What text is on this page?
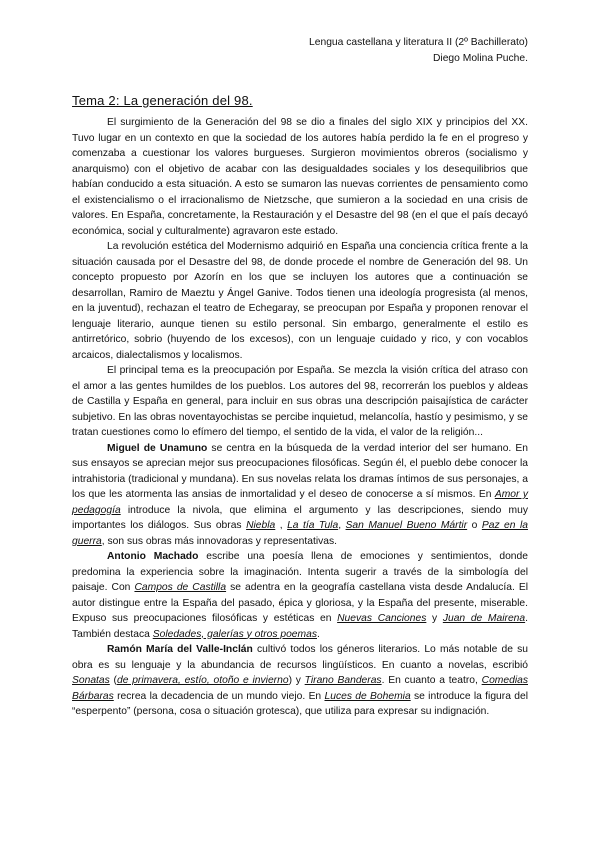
Lengua castellana y literatura II (2º Bachillerato)
Diego Molina Puche.
Tema 2: La generación del 98.

El surgimiento de la Generación del 98 se dio a finales del siglo XIX y principios del XX. Tuvo lugar en un contexto en que la sociedad de los autores había perdido la fe en el progreso y comenzaba a cuestionar los valores burgueses. Surgieron movimientos obreros (socialismo y anarquismo) con el objetivo de acabar con las desigualdades sociales y los desequilibrios que habían conducido a esta situación. A esto se sumaron las nuevas corrientes de pensamiento como el existencialismo o el irracionalismo de Nietzsche, que sumieron a la sociedad en una crisis de valores. En España, concretamente, la Restauración y el Desastre del 98 (en el que el país decayó económica, social y culturalmente) agravaron este estado.

La revolución estética del Modernismo adquirió en España una conciencia crítica frente a la situación causada por el Desastre del 98, de donde procede el nombre de Generación del 98. Un concepto propuesto por Azorín en los que se incluyen los autores que a continuación se desarrollan, Ramiro de Maeztu y Ángel Ganive. Todos tienen una ideología progresista (al menos, en la juventud), rechazan el teatro de Echegaray, se preocupan por España y proponen renovar el lenguaje literario, aunque tienen su estilo personal. Sin embargo, generalmente el estilo es antirretórico, sobrio (huyendo de los excesos), con un lenguaje cuidado y rico, y con vocablos arcaicos, dialectalismos y localismos.

El principal tema es la preocupación por España. Se mezcla la visión crítica del atraso con el amor a las gentes humildes de los pueblos. Los autores del 98, recorrerán los pueblos y aldeas de Castilla y España en general, para incluir en sus obras una descripción paisajística de carácter subjetivo. En las obras noventayochistas se percibe inquietud, melancolía, hastío y pesimismo, y se tratan cuestiones como lo efímero del tiempo, el sentido de la vida, el valor de la religión...

Miguel de Unamuno se centra en la búsqueda de la verdad interior del ser humano. En sus ensayos se aprecian mejor sus preocupaciones filosóficas. Según él, el pueblo debe conocer la intrahistoria (tradicional y mundana). En sus novelas relata los dramas íntimos de sus personajes, a los que les atormenta las ansias de inmortalidad y el deseo de conocerse a sí mismos. En Amor y pedagogía introduce la nivola, que elimina el argumento y las descripciones, siendo muy importantes los diálogos. Sus obras Niebla , La tía Tula, San Manuel Bueno Mártir o Paz en la guerra, son sus obras más innovadoras y representativas.

Antonio Machado escribe una poesía llena de emociones y sentimientos, donde predomina la experiencia sobre la imaginación. Intenta sugerir a través de la simbología del paisaje. Con Campos de Castilla se adentra en la geografía castellana vista desde Andalucía. El autor distingue entre la España del pasado, épica y gloriosa, y la España del presente, miserable. Expuso sus preocupaciones filosóficas y estéticas en Nuevas Canciones y Juan de Mairena. También destaca Soledades, galerías y otros poemas.

Ramón María del Valle-Inclán cultivó todos los géneros literarios. Lo más notable de su obra es su lenguaje y la abundancia de recursos lingüísticos. En cuanto a novelas, escribió Sonatas (de primavera, estío, otoño e invierno) y Tirano Banderas. En cuanto a teatro, Comedias Bárbaras recrea la decadencia de un mundo viejo. En Luces de Bohemia se introduce la figura del “esperpento” (persona, cosa o situación grotesca), que utiliza para expresar su indignación.
